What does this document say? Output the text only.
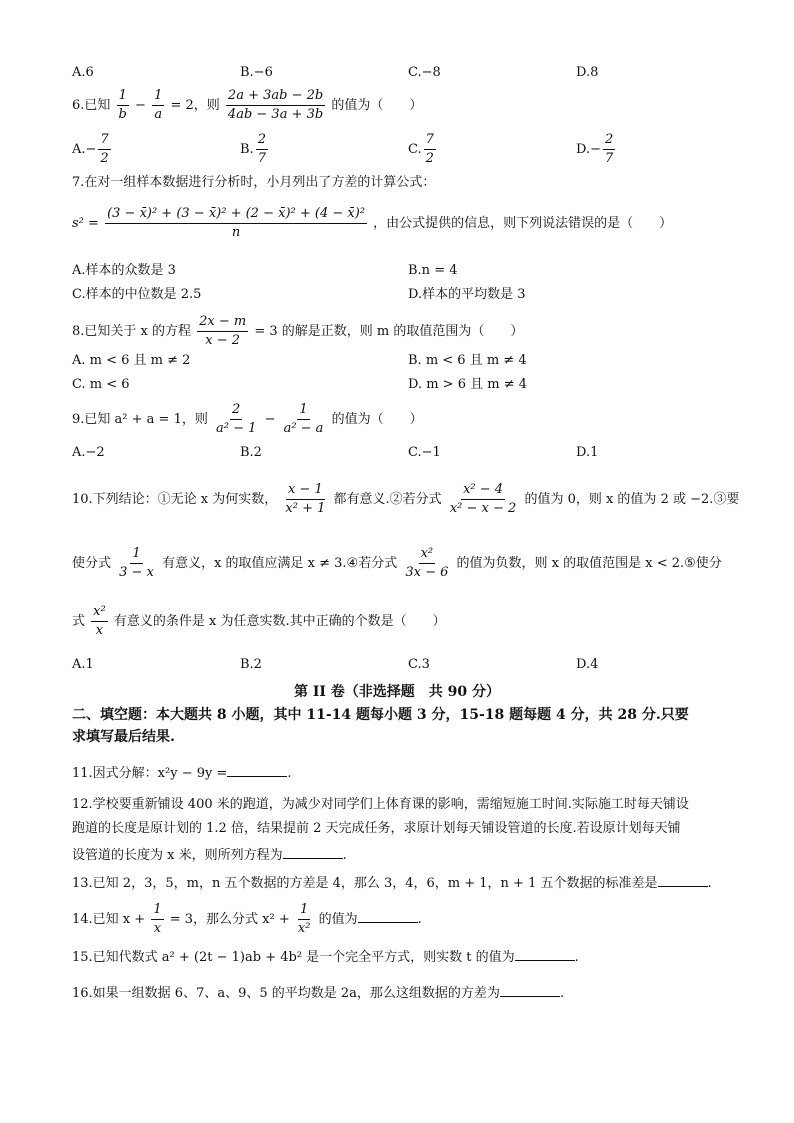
A.6	B.−6	C.−8	D.8
6.已知 $\frac{1}{b} - \frac{1}{a} = 2$，则 $\frac{2a + 3ab - 2b}{4ab - 3a + 3b}$ 的值为（　　）
$A.- \frac{7}{2}$	B. $\frac{2}{7}$	C. $\frac{7}{2}$	$D.- \frac{2}{7}$
7.在对一组样本数据进行分析时，小月列出了方差的计算公式：
$s^2 = \frac{\text{(3 − x̄)² + (3 − x̄)² + (2 − x̄)² + (4 − x̄)²}}{n}$ ，由公式提供的信息，则下列说法错误的是（　　）
A.样本的众数是 3	B.n = 4
C.样本的中位数是 2.5	D.样本的平均数是 3
8.已知关于 x 的方程 $\frac{2x - m}{x - 2} = 3$ 的解是正数，则 m 的取值范围为（　　）
A. m < 6 且 m ≠ 2	B. m < 6 且 m ≠ 4
C. m < 6	D. m > 6 且 m ≠ 4
9.已知 a² + a = 1，则 $\frac{2}{\text{a² − 1}} - \frac{1}{\text{a² − a}}$ 的值为（　　）
A.−2	B.2	C.−1	D.1
10.下列结论：①无论 x 为何实数， $\frac{x - 1}{\text{x² + 1}}$ 都有意义.②若分式 $\frac{\text{x² − 4}}{\text{x² − x − 2}}$ 的值为 0，则 x 的值为 2 或 −2.③要
使分式 $\frac{1}{3 - x}$ 有意义，x 的取值应满足 x ≠ 3.④若分式 $\frac{\text{x²}}{3x - 6}$ 的值为负数，则 x 的取值范围是 x < 2.⑤使分
式 $\frac{\text{x²}}{x}$ 有意义的条件是 x 为任意实数.其中正确的个数是（　　）
A.1	B.2	C.3	D.4
第 II 卷（非选择题　共 90 分）
二、填空题：本大题共 8 小题，其中 11-14 题每小题 3 分，15-18 题每题 4 分，共 28 分.只要
求填写最后结果.
11.因式分解：x²y − 9y =	.
12.学校要重新铺设 400 米的跑道，为减少对同学们上体育课的影响，需缩短施工时间.实际施工时每天铺设
跑道的长度是原计划的 1.2 倍，结果提前 2 天完成任务，求原计划每天铺设管道的长度.若设原计划每天铺
设管道的长度为 x 米，则所列方程为	.
13.已知 2，3，5，m，n 五个数据的方差是 4，那么 3，4，6，m + 1，n + 1 五个数据的标准差是	.
14.已知 $x + \frac{1}{x} = 3$，那么分式 $x^2 + \frac{1}{\text{x²}}$ 的值为	.
15.已知代数式 a² + (2t − 1)ab + 4b² 是一个完全平方式，则实数 t 的值为	.
16.如果一组数据 6、7、a、9、5 的平均数是 2a，那么这组数据的方差为	.
